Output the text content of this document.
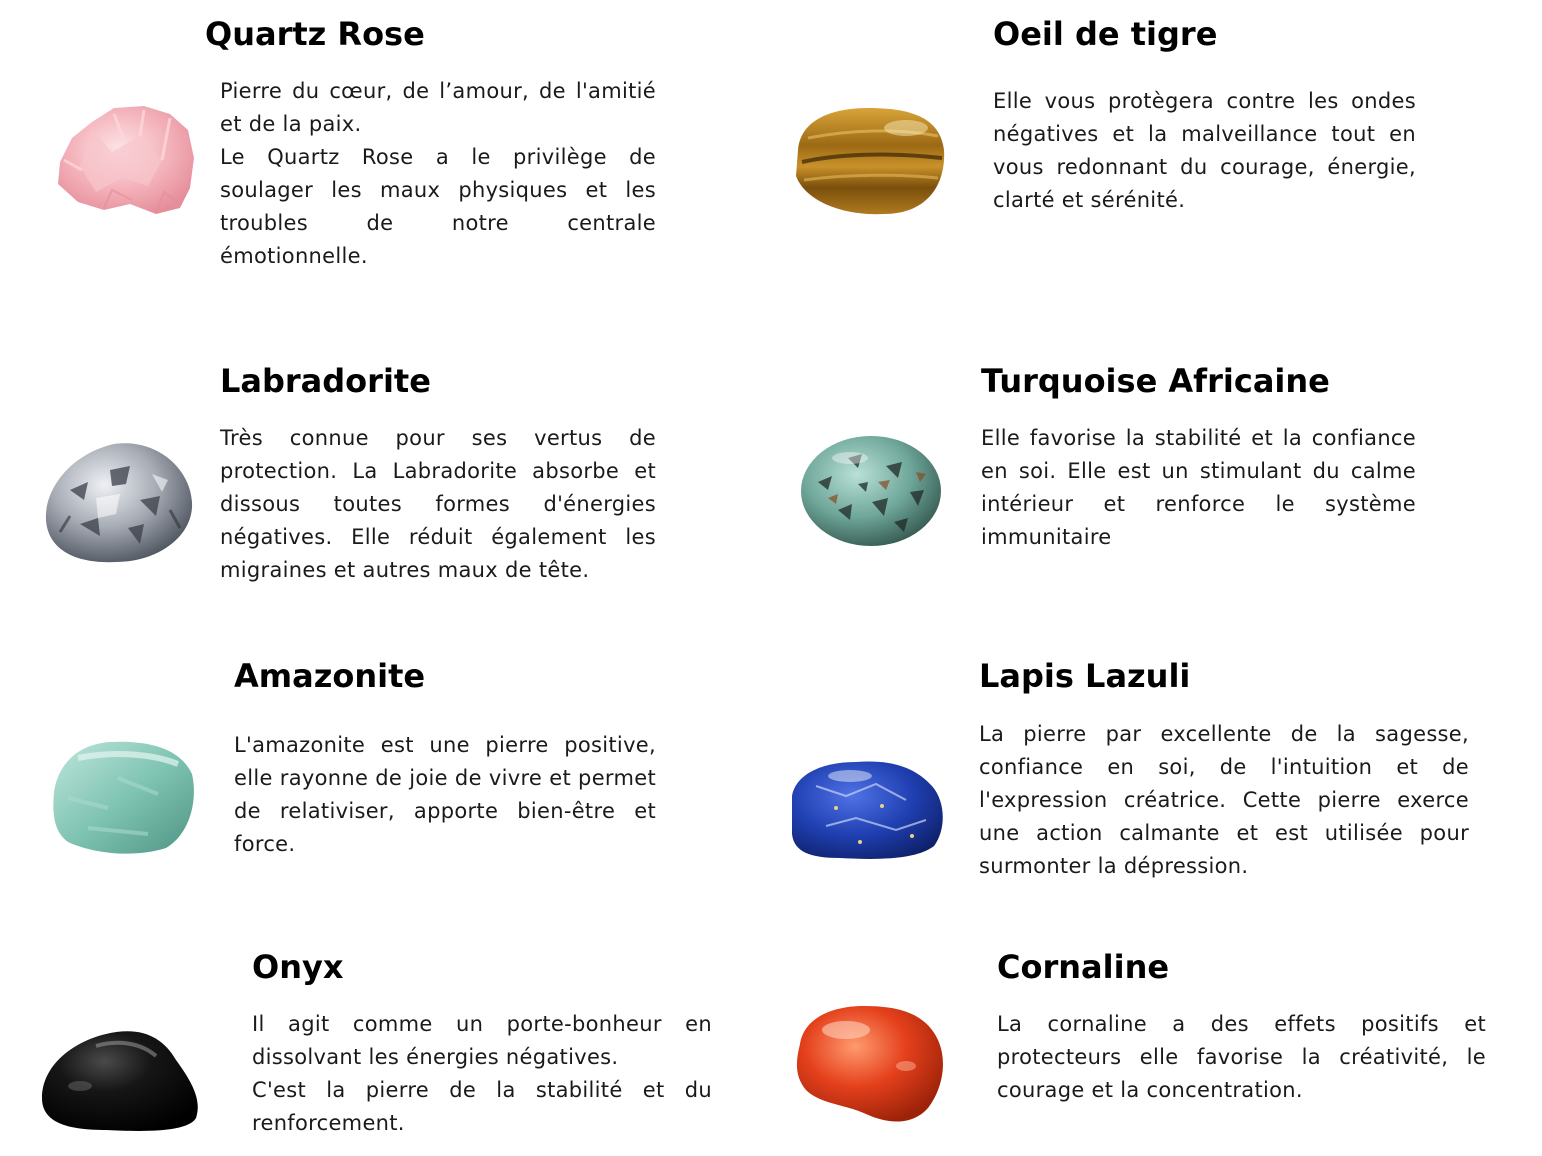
Quartz Rose
Pierre du cœur, de l’amour, de l'amitié et de la paix.
Le Quartz Rose a le privilège de soulager les maux physiques et les troubles de notre centrale émotionnelle.
Oeil de tigre
Elle vous protègera contre les ondes négatives et la malveillance tout en vous redonnant du courage, énergie, clarté et sérénité.
Labradorite
Très connue pour ses vertus de protection. La Labradorite absorbe et dissous toutes formes d'énergies négatives. Elle réduit également les migraines et autres maux de tête.
Turquoise Africaine
Elle favorise la stabilité et la confiance en soi. Elle est un stimulant du calme intérieur et renforce le système immunitaire
Amazonite
L'amazonite est une pierre positive, elle rayonne de joie de vivre et permet de relativiser, apporte bien-être et force.
Lapis Lazuli
La pierre par excellente de la sagesse, confiance en soi, de l'intuition et de l'expression créatrice. Cette pierre exerce une action calmante et est utilisée pour surmonter la dépression.
Onyx
Il agit comme un porte-bonheur en dissolvant les énergies négatives.
C'est la pierre de la stabilité et du renforcement.
Cornaline
La cornaline a des effets positifs et protecteurs elle favorise la créativité, le courage et la concentration.
